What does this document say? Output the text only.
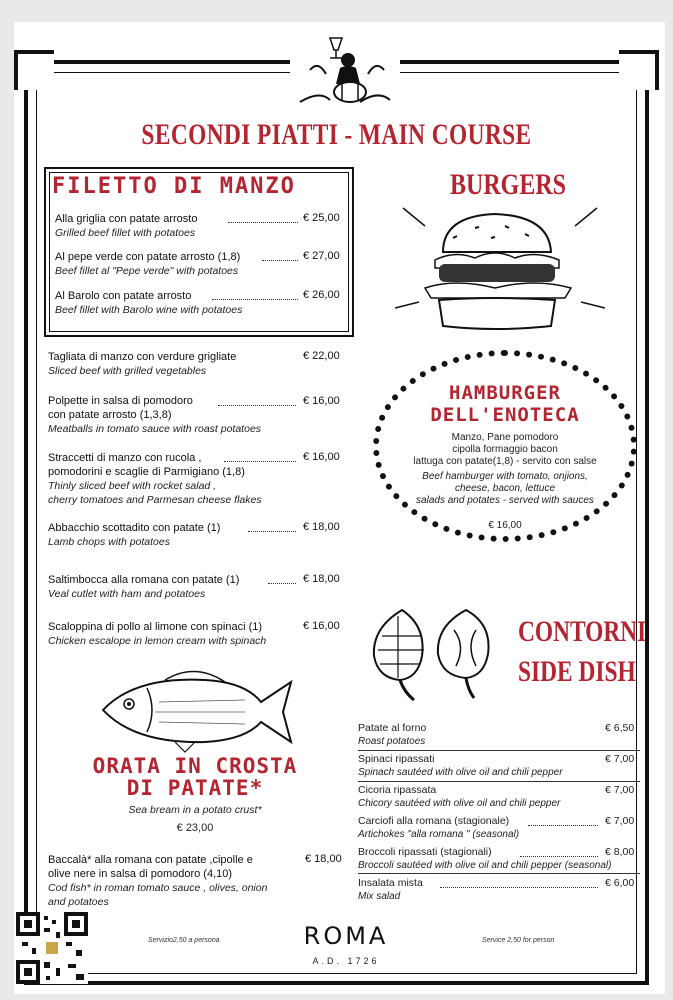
SECONDI PIATTI - MAIN COURSE
FILETTO DI MANZO
Alla griglia con patate arrosto
Grilled beef fillet with potatoes
€ 25,00
Al pepe verde con patate arrosto (1,8)
Beef fillet al "Pepe verde" with potatoes
€ 27,00
Al Barolo con patate arrosto
Beef fillet with Barolo wine with potatoes
€ 26,00
Tagliata di manzo con verdure grigliate
Sliced beef with grilled vegetables
€ 22,00
Polpette in salsa di pomodoro
con patate arrosto (1,3,8)
Meatballs in tomato sauce with roast potatoes
€ 16,00
Straccetti di manzo con rucola ,
pomodorini e scaglie di Parmigiano (1,8)
Thinly sliced beef with rocket salad ,
cherry tomatoes and Parmesan cheese flakes
€ 16,00
Abbacchio scottadito con patate (1)
Lamb chops with potatoes
€ 18,00
Saltimbocca alla romana con patate (1)
Veal cutlet with ham and potatoes
€ 18,00
Scaloppina di pollo al limone con spinaci (1)
Chicken escalope in lemon cream with spinach
€ 16,00
BURGERS
HAMBURGER
DELL'ENOTECA
Manzo, Pane pomodoro
cipolla formaggio bacon
lattuga con patate(1,8) - servito con salse
Beef hamburger with tomato, onjions,
cheese, bacon, lettuce
salads and potates - served with sauces
€ 16,00
CONTORNI
SIDE DISH
Patate al forno
Roast potatoes
€ 6,50
Spinaci ripassati
Spinach sautéed with olive oil and chili pepper
€ 7,00
Cicoria ripassata
Chicory sautéed with olive oil and chili pepper
€ 7,00
Carciofi alla romana (stagionale)
Artichokes "alla romana " (seasonal)
€ 7,00
Broccoli ripassati (stagionali)
Broccoli sautéed with olive oil and chili pepper (seasonal)
€ 8,00
Insalata mista
Mix salad
€ 6,00
ORATA IN CROSTA
DI PATATE*
Sea bream in a potato crust*
€ 23,00
Baccalà* alla romana con patate ,cipolle e
olive nere in salsa di pomodoro (4,10)
Cod fish* in roman tomato sauce , olives, onion
and potatoes
€ 18,00
Servizio2,50 a persona	Service 2,50 for person
ROMA
A.D. 1726
